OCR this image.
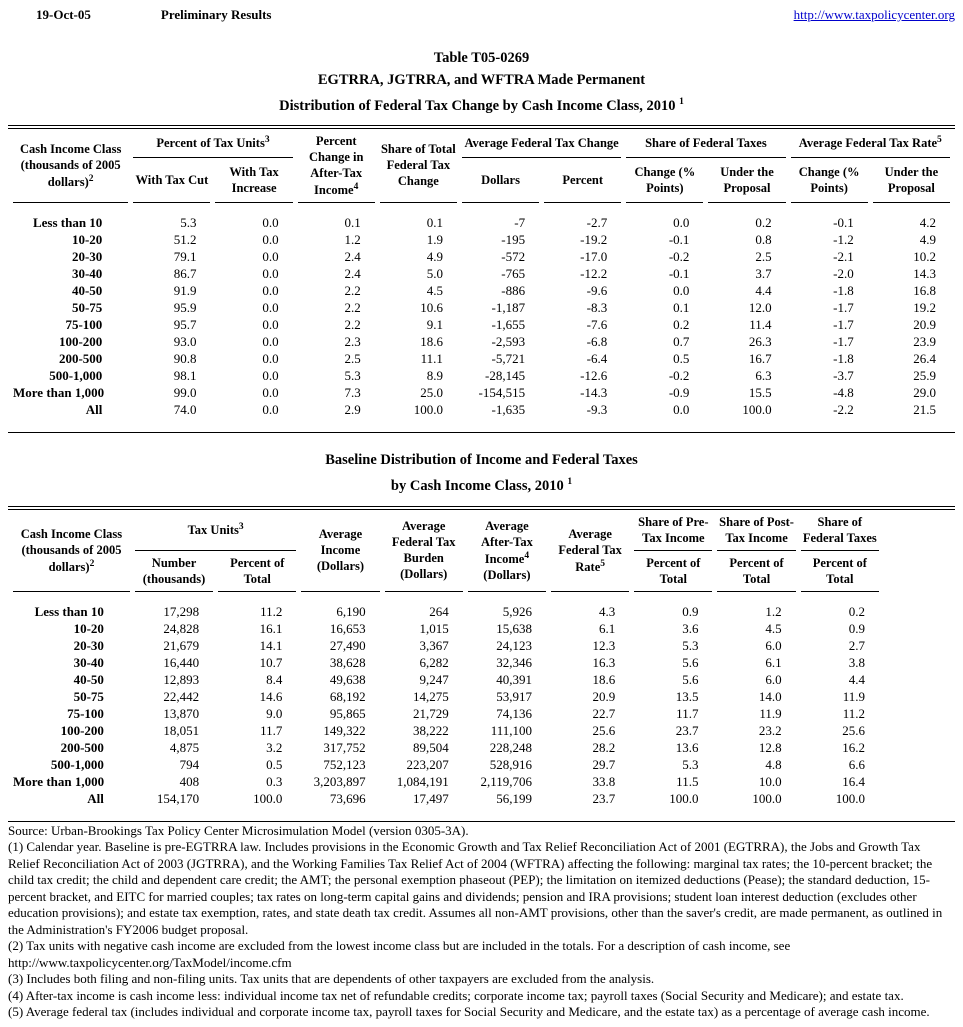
19-Oct-05	Preliminary Results	http://www.taxpolicycenter.org
Table T05-0269
EGTRRA, JGTRRA, and WFTRA Made Permanent
Distribution of Federal Tax Change by Cash Income Class, 2010 $^1$
Cash Income Class (thousands of 2005 dollars)$^2$	Percent of Tax Units$^3$		Percent Change in After-Tax Income$^4$	Share of Total Federal Tax Change	Average Federal Tax Change		Share of Federal Taxes		Average Federal Tax Rate$^5$
	With Tax Cut	With Tax Increase			Dollars	Percent	Change (% Points)	Under the Proposal	Change (% Points)	Under the Proposal
Less than 10	5.3	0.0	0.1	0.1	-7	-2.7	0.0	0.2	-0.1	4.2
10-20	51.2	0.0	1.2	1.9	-195	-19.2	-0.1	0.8	-1.2	4.9
20-30	79.1	0.0	2.4	4.9	-572	-17.0	-0.2	2.5	-2.1	10.2
30-40	86.7	0.0	2.4	5.0	-765	-12.2	-0.1	3.7	-2.0	14.3
40-50	91.9	0.0	2.2	4.5	-886	-9.6	0.0	4.4	-1.8	16.8
50-75	95.9	0.0	2.2	10.6	-1,187	-8.3	0.1	12.0	-1.7	19.2
75-100	95.7	0.0	2.2	9.1	-1,655	-7.6	0.2	11.4	-1.7	20.9
100-200	93.0	0.0	2.3	18.6	-2,593	-6.8	0.7	26.3	-1.7	23.9
200-500	90.8	0.0	2.5	11.1	-5,721	-6.4	0.5	16.7	-1.8	26.4
500-1,000	98.1	0.0	5.3	8.9	-28,145	-12.6	-0.2	6.3	-3.7	25.9
More than 1,000	99.0	0.0	7.3	25.0	-154,515	-14.3	-0.9	15.5	-4.8	29.0
All	74.0	0.0	2.9	100.0	-1,635	-9.3	0.0	100.0	-2.2	21.5
Baseline Distribution of Income and Federal Taxes
by Cash Income Class, 2010 $^1$
Cash Income Class (thousands of 2005 dollars)$^2$	Tax Units$^3$		Average Income (Dollars)	Average Federal Tax Burden (Dollars)	Average After-Tax Income$^4$ (Dollars)	Average Federal Tax Rate$^5$	Share of Pre-Tax Income	Share of Post-Tax Income	Share of Federal Taxes
	Number (thousands)	Percent of Total					Percent of Total	Percent of Total	Percent of Total
Less than 10	17,298	11.2	6,190	264	5,926	4.3	0.9	1.2	0.2
10-20	24,828	16.1	16,653	1,015	15,638	6.1	3.6	4.5	0.9
20-30	21,679	14.1	27,490	3,367	24,123	12.3	5.3	6.0	2.7
30-40	16,440	10.7	38,628	6,282	32,346	16.3	5.6	6.1	3.8
40-50	12,893	8.4	49,638	9,247	40,391	18.6	5.6	6.0	4.4
50-75	22,442	14.6	68,192	14,275	53,917	20.9	13.5	14.0	11.9
75-100	13,870	9.0	95,865	21,729	74,136	22.7	11.7	11.9	11.2
100-200	18,051	11.7	149,322	38,222	111,100	25.6	23.7	23.2	25.6
200-500	4,875	3.2	317,752	89,504	228,248	28.2	13.6	12.8	16.2
500-1,000	794	0.5	752,123	223,207	528,916	29.7	5.3	4.8	6.6
More than 1,000	408	0.3	3,203,897	1,084,191	2,119,706	33.8	11.5	10.0	16.4
All	154,170	100.0	73,696	17,497	56,199	23.7	100.0	100.0	100.0
Source: Urban-Brookings Tax Policy Center Microsimulation Model (version 0305-3A).
(1) Calendar year. Baseline is pre-EGTRRA law. Includes provisions in the Economic Growth and Tax Relief Reconciliation Act of 2001 (EGTRRA), the Jobs and Growth Tax Relief Reconciliation Act of 2003 (JGTRRA), and the Working Families Tax Relief Act of 2004 (WFTRA) affecting the following: marginal tax rates; the 10-percent bracket; the child tax credit; the child and dependent care credit; the AMT; the personal exemption phaseout (PEP); the limitation on itemized deductions (Pease); the standard deduction, 15-percent bracket, and EITC for married couples; tax rates on long-term capital gains and dividends; pension and IRA provisions; student loan interest deduction (excludes other education provisions); and estate tax exemption, rates, and state death tax credit. Assumes all non-AMT provisions, other than the saver's credit, are made permanent, as outlined in the Administration's FY2006 budget proposal.
(2) Tax units with negative cash income are excluded from the lowest income class but are included in the totals. For a description of cash income, see
http://www.taxpolicycenter.org/TaxModel/income.cfm
(3) Includes both filing and non-filing units. Tax units that are dependents of other taxpayers are excluded from the analysis.
(4) After-tax income is cash income less: individual income tax net of refundable credits; corporate income tax; payroll taxes (Social Security and Medicare); and estate tax.
(5) Average federal tax (includes individual and corporate income tax, payroll taxes for Social Security and Medicare, and the estate tax) as a percentage of average cash income.
